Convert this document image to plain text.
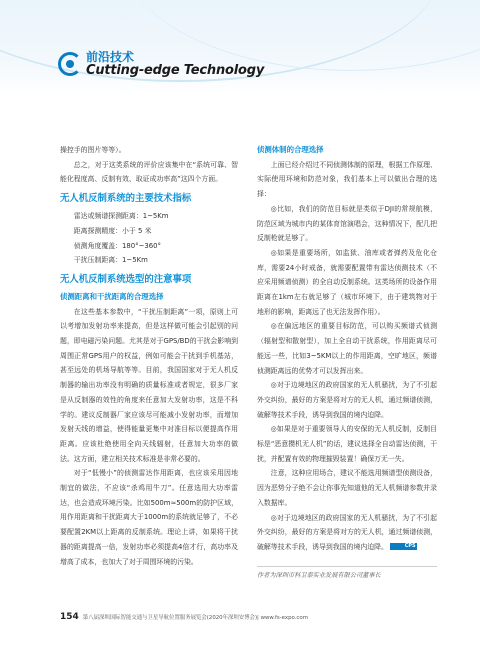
前沿技术
Cutting-edge Technology

操控手的图片等等）。

总之，对于这类系统的评价应该集中在“系统可靠、智能化程度高、反制有效、取证成功率高”这四个方面。

无人机反制系统的主要技术指标

雷达或频谱探测距离：1~5Km

距离探测精度：小于 5 米

侦测角度覆盖：180°~360°

干扰压制距离：1~5Km

无人机反制系统选型的注意事项
侦测距离和干扰距离的合理选择

在这些基本参数中，“干扰压制距离”一项，原则上可以考增加发射功率来提高，但是这样做可能会引起别的问题，即电磁污染问题。尤其是对于GPS/BD的干扰会影响到周围正常GPS用户的权益，例如可能会干扰到手机基站，甚至远处的机场导航等等。目前，我国国家对于无人机反制器的输出功率没有明确的质量标准或者规定，很多厂家是从反制器的效性的角度来任意加大发射功率，这是不科学的。建议反制器厂家应该尽可能减小发射功率，而增加发射天线的增益，使得能量更集中对准目标以便提高作用距离。应该杜绝使用全向天线辐射，任意加大功率的做法。这方面，建立相关技术标准是非常必要的。

对于“低慢小”的侦测雷达作用距离，也应该采用因地制宜的做法，不应该“杀鸡用牛刀”。任意选用大功率雷达，也会造成环境污染。比如500m≈500m的防护区域，用作用距离和干扰距离大于1000m的系统就足够了，不必要配置2KM以上距离的反制系统。理论上讲，如果将干扰器的距离提高一倍，发射功率必须提高4倍才行，高功率及增高了成本，也加大了对于周围环境的污染。

侦测体制的合理选择

上面已经介绍过不同侦测体制的原理，根据工作原理、实际使用环境和防范对象，我们基本上可以做出合理的选择：

◎比如，我们的防范目标就是类似于DJI的常规航模，防范区域为城市内的某体育馆演唱会，这种情况下，配几把反制枪就足够了。

◎如果是重要场所，如监狱、油库或者弹药及危化仓库，需要24小时戒备，就需要配置带有雷达侦测技术（不应采用频谱侦测）的全自动反制系统。这类场所的设备作用距离在1km左右就足够了（城市环境下，由于建筑物对于地形的影响，距离远了也无法发挥作用）。

◎在偏远地区的重要目标防范，可以购买频谱式侦测（辐射型和散射型），加上全自动干扰系统，作用距离尽可能远一些，比如3~5KM以上的作用距离，空旷地区，频谱侦测距离远的优势才可以发挥出来。

◎对于边境地区的政府国家的无人机骚扰，为了不引起外交纠纷，最好的方案是将对方的无人机，通过频谱侦测，破解等技术手段，诱导到我国的境内迫降。

◎如果是对于重要领导人的安保的无人机反制，反制目标是“恶意攒机无人机”的话，建议选择全自动雷达侦测，干扰，并配置有效的物理摧毁装置！确保万无一失。

注意，这种应用场合，建议不能选用频谱型侦测设备，因为恶势分子绝不会让你事先知道他的无人机频谱参数并录入数据库。

◎对于边境地区的政府国家的无人机骚扰，为了不引起外交纠纷，最好的方案是将对方的无人机，通过频谱侦测，破解等技术手段，诱导到我国的境内迫降。	CPS

作者为深圳市科卫泰实业发展有限公司董事长
154 第八届深圳国际智能交通与卫星导航位置服务展览会(2020年深圳安博会)| www.fs-expo.com
